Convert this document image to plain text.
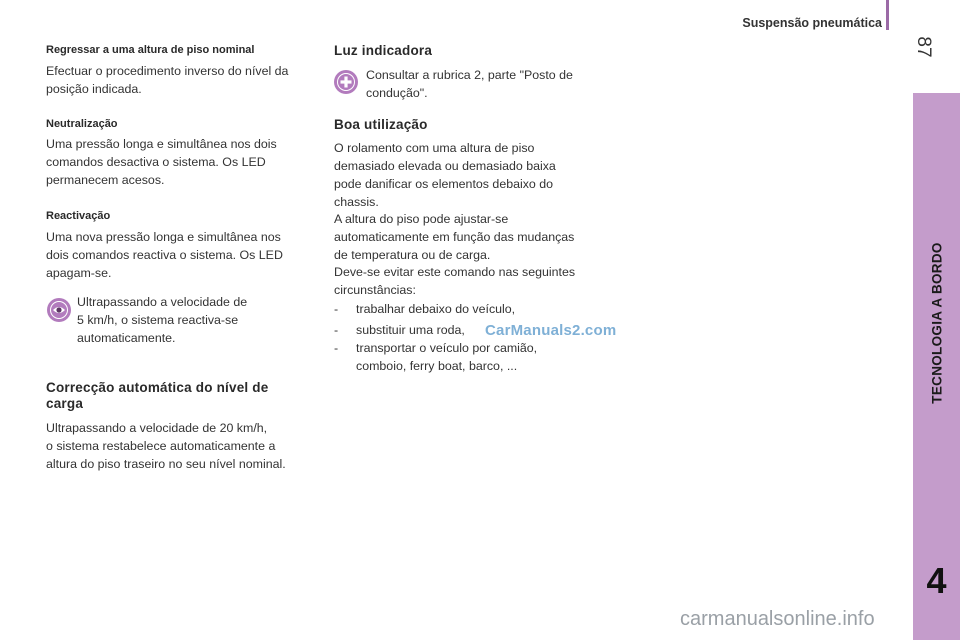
Suspensão pneumática
87
TECNOLOGIA A BORDO
4
Regressar a uma altura de piso nominal
Efectuar o procedimento inverso do nível da
posição indicada.
Neutralização
Uma pressão longa e simultânea nos dois
comandos desactiva o sistema. Os LED
permanecem acesos.
Reactivação
Uma nova pressão longa e simultânea nos
dois comandos reactiva o sistema. Os LED
apagam-se.
Ultrapassando a velocidade de
5 km/h, o sistema reactiva-se
automaticamente.
Correcção automática do nível de
carga
Ultrapassando a velocidade de 20 km/h,
o sistema restabelece automaticamente a
altura do piso traseiro no seu nível nominal.
Luz indicadora
Consultar a rubrica 2, parte "Posto de
condução".
Boa utilização
O rolamento com uma altura de piso
demasiado elevada ou demasiado baixa
pode danificar os elementos debaixo do
chassis.
A altura do piso pode ajustar-se
automaticamente em função das mudanças
de temperatura ou de carga.
Deve-se evitar este comando nas seguintes
circunstâncias:
- trabalhar debaixo do veículo,
- substituir uma roda,
- transportar o veículo por camião,
comboio, ferry boat, barco, ...
CarManuals2.com
carmanualsonline.info
